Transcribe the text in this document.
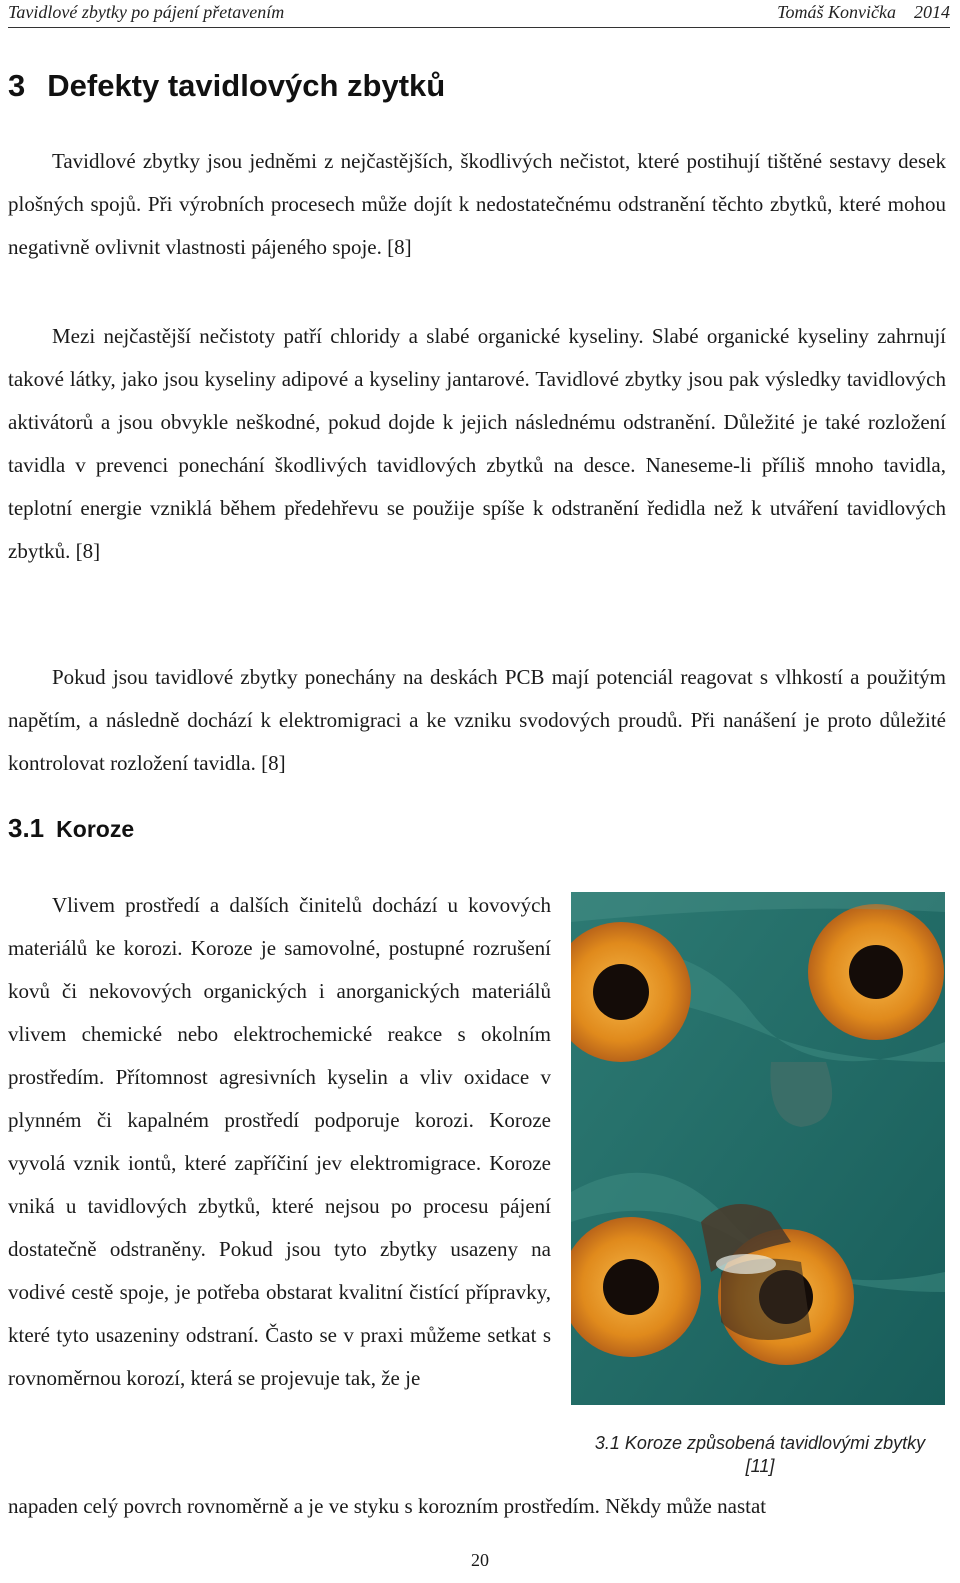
Tavidlové zbytky po pájení přetavením	Tomáš Konvička 2014
3 Defekty tavidlových zbytků

Tavidlové zbytky jsou jedněmi z nejčastějších, škodlivých nečistot, které postihují tištěné sestavy desek plošných spojů. Při výrobních procesech může dojít k nedostatečnému odstranění těchto zbytků, které mohou negativně ovlivnit vlastnosti pájeného spoje. [8]

Mezi nejčastější nečistoty patří chloridy a slabé organické kyseliny. Slabé organické kyseliny zahrnují takové látky, jako jsou kyseliny adipové a kyseliny jantarové. Tavidlové zbytky jsou pak výsledky tavidlových aktivátorů a jsou obvykle neškodné, pokud dojde k jejich následnému odstranění. Důležité je také rozložení tavidla v prevenci ponechání škodlivých tavidlových zbytků na desce. Naneseme-li příliš mnoho tavidla, teplotní energie vzniklá během předehřevu se použije spíše k odstranění ředidla než k utváření tavidlových zbytků. [8]

Pokud jsou tavidlové zbytky ponechány na deskách PCB mají potenciál reagovat s vlhkostí a použitým napětím, a následně dochází k elektromigraci a ke vzniku svodových proudů. Při nanášení je proto důležité kontrolovat rozložení tavidla. [8]

3.1 Koroze

Vlivem prostředí a dalších činitelů dochází u kovových materiálů ke korozi. Koroze je samovolné, postupné rozrušení kovů či nekovových organických i anorganických materiálů vlivem chemické nebo elektrochemické reakce s okolním prostředím. Přítomnost agresivních kyselin a vliv oxidace v plynném či kapalném prostředí podporuje korozi. Koroze vyvolá vznik iontů, které zapříčiní jev elektromigrace. Koroze vniká u tavidlových zbytků, které nejsou po procesu pájení dostatečně odstraněny. Pokud jsou tyto zbytky usazeny na vodivé cestě spoje, je potřeba obstarat kvalitní čistící přípravky, které tyto usazeniny odstraní. Často se v praxi můžeme setkat s rovnoměrnou korozí, která se projevuje tak, že je

3.1 Koroze způsobená tavidlovými zbytky [11]

napaden celý povrch rovnoměrně a je ve styku s korozním prostředím. Někdy může nastat

20
